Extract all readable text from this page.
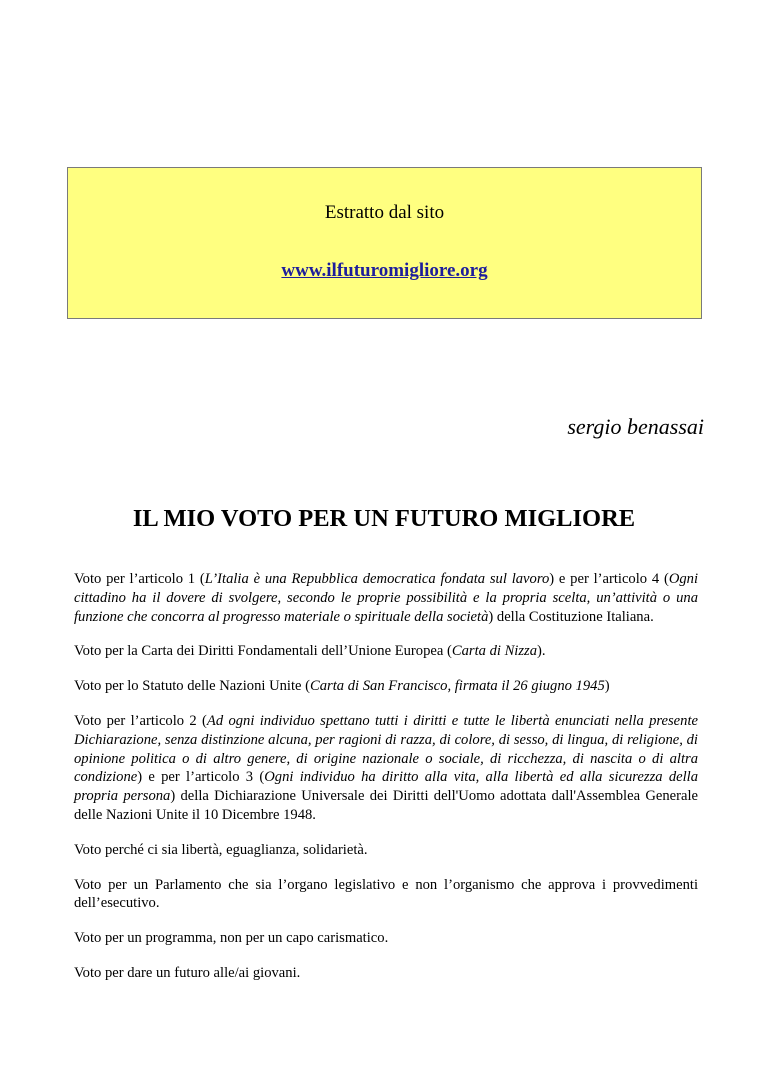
Estratto dal sito
www.ilfuturomigliore.org
sergio benassai
IL MIO VOTO PER UN FUTURO MIGLIORE

Voto per l’articolo 1 (L’Italia è una Repubblica democratica fondata sul lavoro) e per l’articolo 4 (Ogni cittadino ha il dovere di svolgere, secondo le proprie possibilità e la propria scelta, un’attività o una funzione che concorra al progresso materiale o spirituale della società) della Costituzione Italiana.

Voto per la Carta dei Diritti Fondamentali dell’Unione Europea (Carta di Nizza).

Voto per lo Statuto delle Nazioni Unite (Carta di San Francisco, firmata il 26 giugno 1945)

Voto per l’articolo 2 (Ad ogni individuo spettano tutti i diritti e tutte le libertà enunciati nella presente Dichiarazione, senza distinzione alcuna, per ragioni di razza, di colore, di sesso, di lingua, di religione, di opinione politica o di altro genere, di origine nazionale o sociale, di ricchezza, di nascita o di altra condizione) e per l’articolo 3 (Ogni individuo ha diritto alla vita, alla libertà ed alla sicurezza della propria persona) della Dichiarazione Universale dei Diritti dell'Uomo adottata dall'Assemblea Generale delle Nazioni Unite il 10 Dicembre 1948.

Voto perché ci sia libertà, eguaglianza, solidarietà.

Voto per un Parlamento che sia l’organo legislativo e non l’organismo che approva i provvedimenti dell’esecutivo.

Voto per un programma, non per un capo carismatico.

Voto per dare un futuro alle/ai giovani.
